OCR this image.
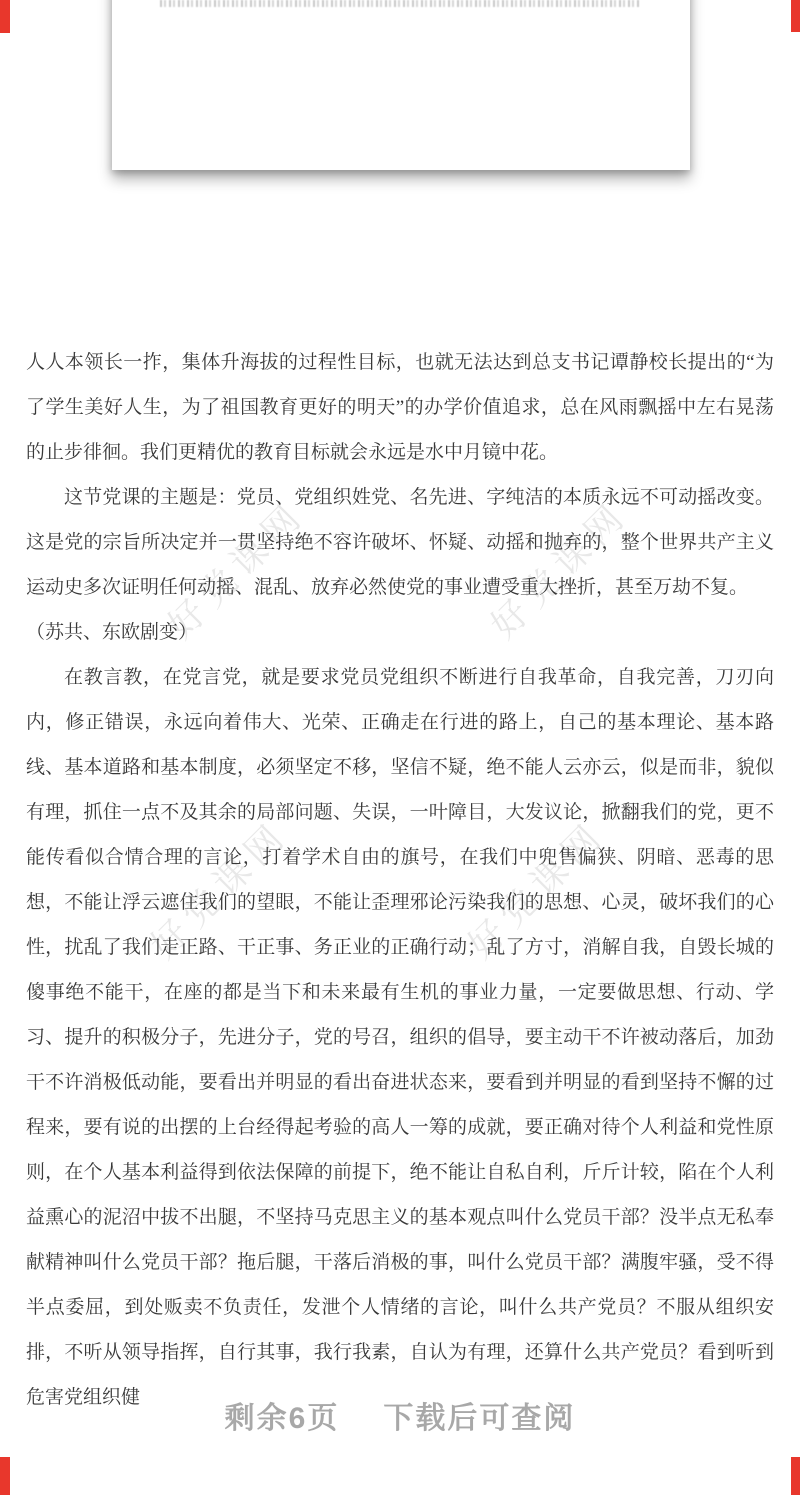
好党课网	好党课网
好党课网	好党课网

人人本领长一拃，集体升海拔的过程性目标，也就无法达到总支书记谭静校长提出的“为了学生美好人生，为了祖国教育更好的明天”的办学价值追求，总在风雨飘摇中左右晃荡的止步徘徊。我们更精优的教育目标就会永远是水中月镜中花。

这节党课的主题是：党员、党组织姓党、名先进、字纯洁的本质永远不可动摇改变。这是党的宗旨所决定并一贯坚持绝不容许破坏、怀疑、动摇和抛弃的，整个世界共产主义运动史多次证明任何动摇、混乱、放弃必然使党的事业遭受重大挫折，甚至万劫不复。

（苏共、东欧剧变）

在教言教，在党言党，就是要求党员党组织不断进行自我革命，自我完善，刀刃向内，修正错误，永远向着伟大、光荣、正确走在行进的路上，自己的基本理论、基本路线、基本道路和基本制度，必须坚定不移，坚信不疑，绝不能人云亦云，似是而非，貌似有理，抓住一点不及其余的局部问题、失误，一叶障目，大发议论，掀翻我们的党，更不能传看似合情合理的言论，打着学术自由的旗号，在我们中兜售偏狭、阴暗、恶毒的思想，不能让浮云遮住我们的望眼，不能让歪理邪论污染我们的思想、心灵，破坏我们的心性，扰乱了我们走正路、干正事、务正业的正确行动；乱了方寸，消解自我，自毁长城的傻事绝不能干，在座的都是当下和未来最有生机的事业力量，一定要做思想、行动、学习、提升的积极分子，先进分子，党的号召，组织的倡导，要主动干不许被动落后，加劲干不许消极低动能，要看出并明显的看出奋进状态来，要看到并明显的看到坚持不懈的过程来，要有说的出摆的上台经得起考验的高人一筹的成就，要正确对待个人利益和党性原则，在个人基本利益得到依法保障的前提下，绝不能让自私自利，斤斤计较，陷在个人利益熏心的泥沼中拔不出腿，不坚持马克思主义的基本观点叫什么党员干部？没半点无私奉献精神叫什么党员干部？拖后腿，干落后消极的事，叫什么党员干部？满腹牢骚，受不得半点委屈，到处贩卖不负责任，发泄个人情绪的言论，叫什么共产党员？不服从组织安排，不听从领导指挥，自行其事，我行我素，自认为有理，还算什么共产党员？看到听到危害党组织健

剩余6页 下载后可查阅
